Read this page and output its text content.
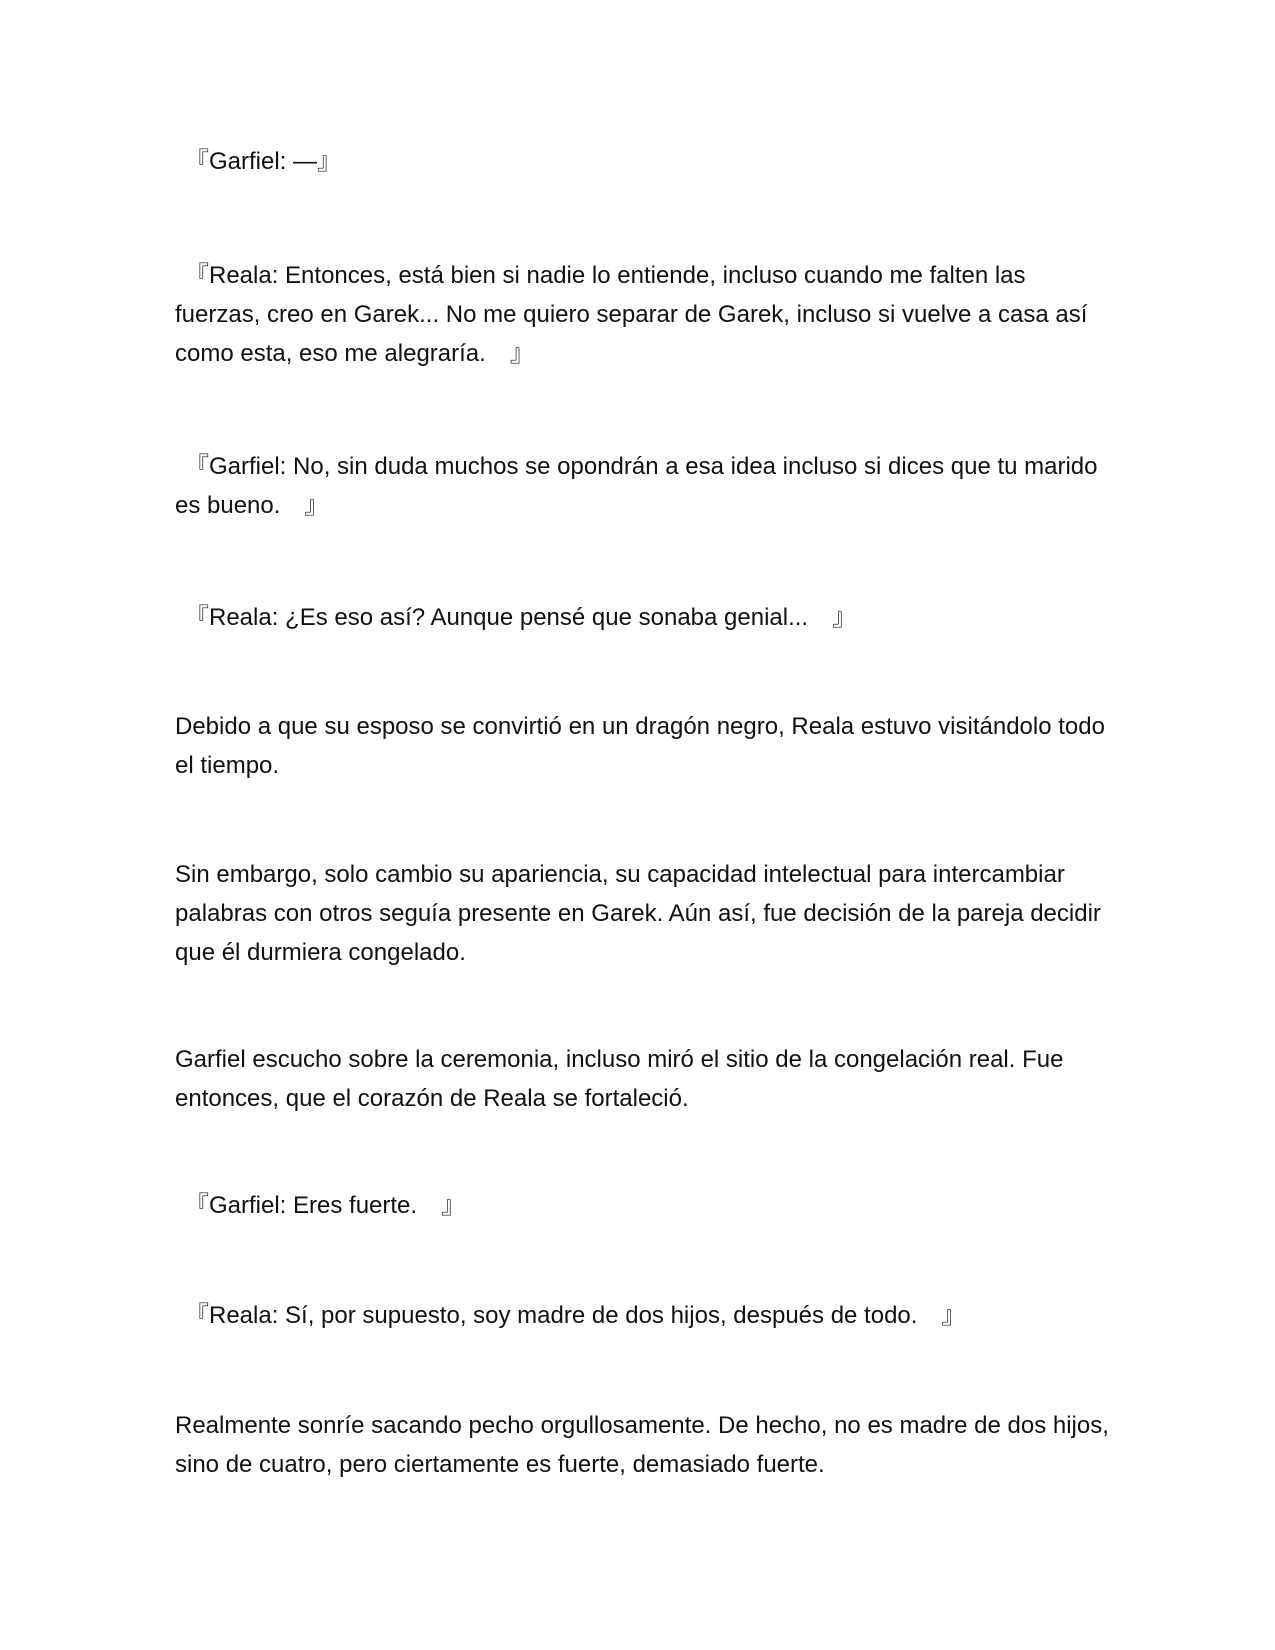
『Garfiel: —』

『Reala: Entonces, está bien si nadie lo entiende, incluso cuando me falten las fuerzas, creo en Garek... No me quiero separar de Garek, incluso si vuelve a casa así como esta, eso me alegraría.　』

『Garfiel: No, sin duda muchos se opondrán a esa idea incluso si dices que tu marido es bueno.　』

『Reala: ¿Es eso así? Aunque pensé que sonaba genial...　』

Debido a que su esposo se convirtió en un dragón negro, Reala estuvo visitándolo todo el tiempo.

Sin embargo, solo cambio su apariencia, su capacidad intelectual para intercambiar palabras con otros seguía presente en Garek. Aún así, fue decisión de la pareja decidir que él durmiera congelado.

Garfiel escucho sobre la ceremonia, incluso miró el sitio de la congelación real. Fue entonces, que el corazón de Reala se fortaleció.

『Garfiel: Eres fuerte.　』

『Reala: Sí, por supuesto, soy madre de dos hijos, después de todo.　』

Realmente sonríe sacando pecho orgullosamente. De hecho, no es madre de dos hijos, sino de cuatro, pero ciertamente es fuerte, demasiado fuerte.
